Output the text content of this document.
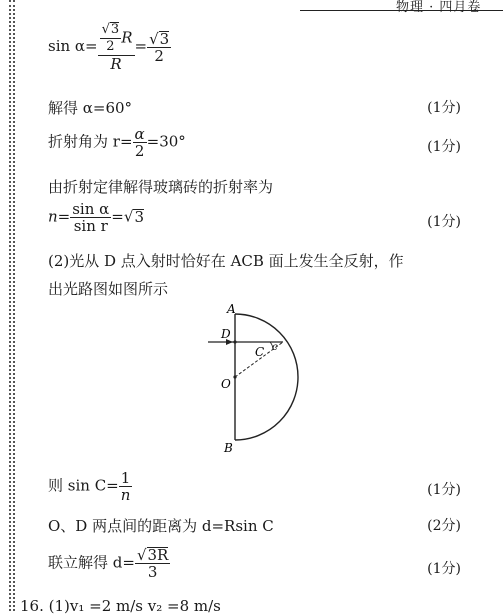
物理 · 四月卷
$\sin \alpha= \frac{\frac{√3}{2} R}{R} = \frac{√3}{2}$
解得 α=60°	(1分)
折射角为 $r= \frac{\alpha}{2} =30^\circ$	(1分)
由折射定律解得玻璃砖的折射率为
$n= \frac{\text{sin α}}{\text{sin r}} =√3$	(1分)
(2)光从 D 点入射时恰好在 ACB 面上发生全反射，作
出光路图如图所示
A
D
C c
O
B
则 $\sin C= \frac{1}{n}$	(1分)
O、D 两点间的距离为 d=Rsin C	(2分)
联立解得 $d= \frac{√3R}{3}$	(1分)
16. (1)v₁ =2 m/s v₂ =8 m/s
